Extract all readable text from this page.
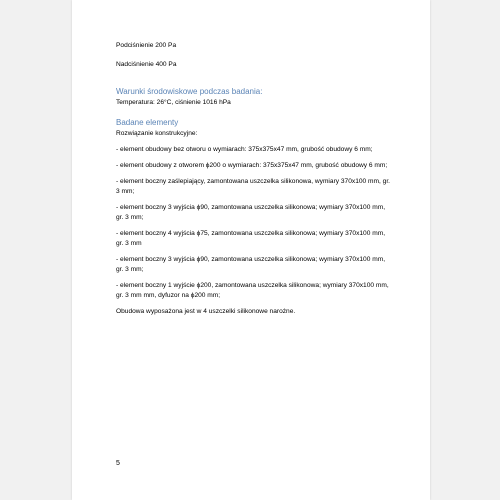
Podciśnienie 200 Pa

Nadciśnienie 400 Pa

Warunki środowiskowe podczas badania:

Temperatura: 26°C, ciśnienie 1016 hPa

Badane elementy

Rozwiązanie konstrukcyjne:

- element obudowy bez otworu o wymiarach: 375x375x47 mm, grubość obudowy 6 mm;

- element obudowy z otworem ϕ200 o wymiarach: 375x375x47 mm, grubość obudowy 6 mm;

- element boczny zaślepiający, zamontowana uszczelka silikonowa, wymiary 370x100 mm, gr. 3 mm;

- element boczny 3 wyjścia ϕ90, zamontowana uszczelka silikonowa; wymiary 370x100 mm, gr. 3 mm;

- element boczny 4 wyjścia ϕ75, zamontowana uszczelka silikonowa; wymiary 370x100 mm, gr. 3 mm

- element boczny 3 wyjścia ϕ90, zamontowana uszczelka silikonowa; wymiary 370x100 mm, gr. 3 mm;

- element boczny 1 wyjście ϕ200, zamontowana uszczelka silikonowa; wymiary 370x100 mm, gr. 3 mm mm, dyfuzor na ϕ200 mm;

Obudowa wyposażona jest w 4 uszczelki silikonowe narożne.

5
